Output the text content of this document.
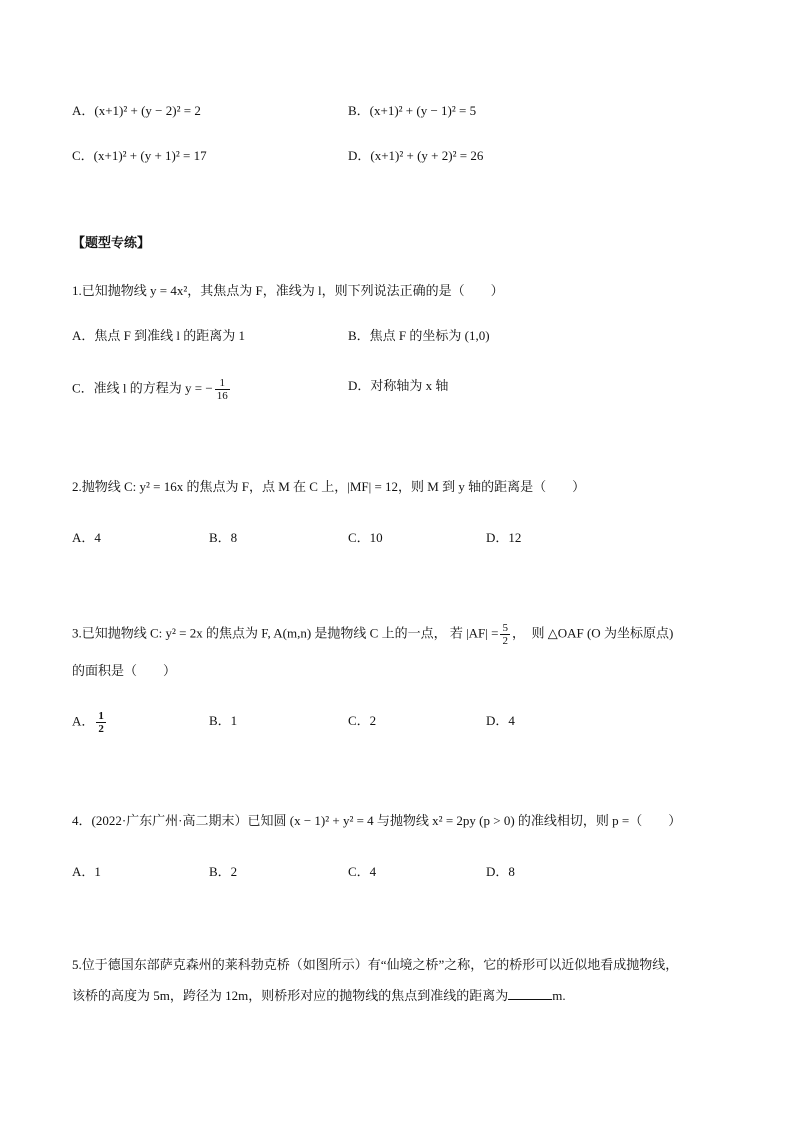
A．(x+1)² + (y − 2)² = 2	B．(x+1)² + (y − 1)² = 5
C．(x+1)² + (y + 1)² = 17	D．(x+1)² + (y + 2)² = 26
【题型专练】
1.已知抛物线 y = 4x²，其焦点为 F，准线为 l，则下列说法正确的是（　　）
A．焦点 F 到准线 l 的距离为 1	B．焦点 F 的坐标为 (1,0)
C．准线 l 的方程为 y = − $\frac{1}{16}$	D．对称轴为 x 轴
2.抛物线 C: y² = 16x 的焦点为 F，点 M 在 C 上，|MF| = 12，则 M 到 y 轴的距离是（　　）
A．4	B．8	C．10	D．12
3.已知抛物线 C: y² = 2x 的焦点为 F, A(m,n) 是抛物线 C 上的一点， 若 $|AF| = \frac{5}{2}$ ，　则 △OAF (O 为坐标原点)
的面积是（　　）
A． $\frac{1}{2}$	B．1	C．2	D．4
4．(2022·广东广州·高二期末）已知圆 (x − 1)² + y² = 4 与抛物线 x² = 2py (p > 0) 的准线相切，则 p =（　　）
A．1	B．2	C．4	D．8
5.位于德国东部萨克森州的莱科勃克桥（如图所示）有“仙境之桥”之称，它的桥形可以近似地看成抛物线，
该桥的高度为 5m，跨径为 12m，则桥形对应的抛物线的焦点到准线的距离为	m.
